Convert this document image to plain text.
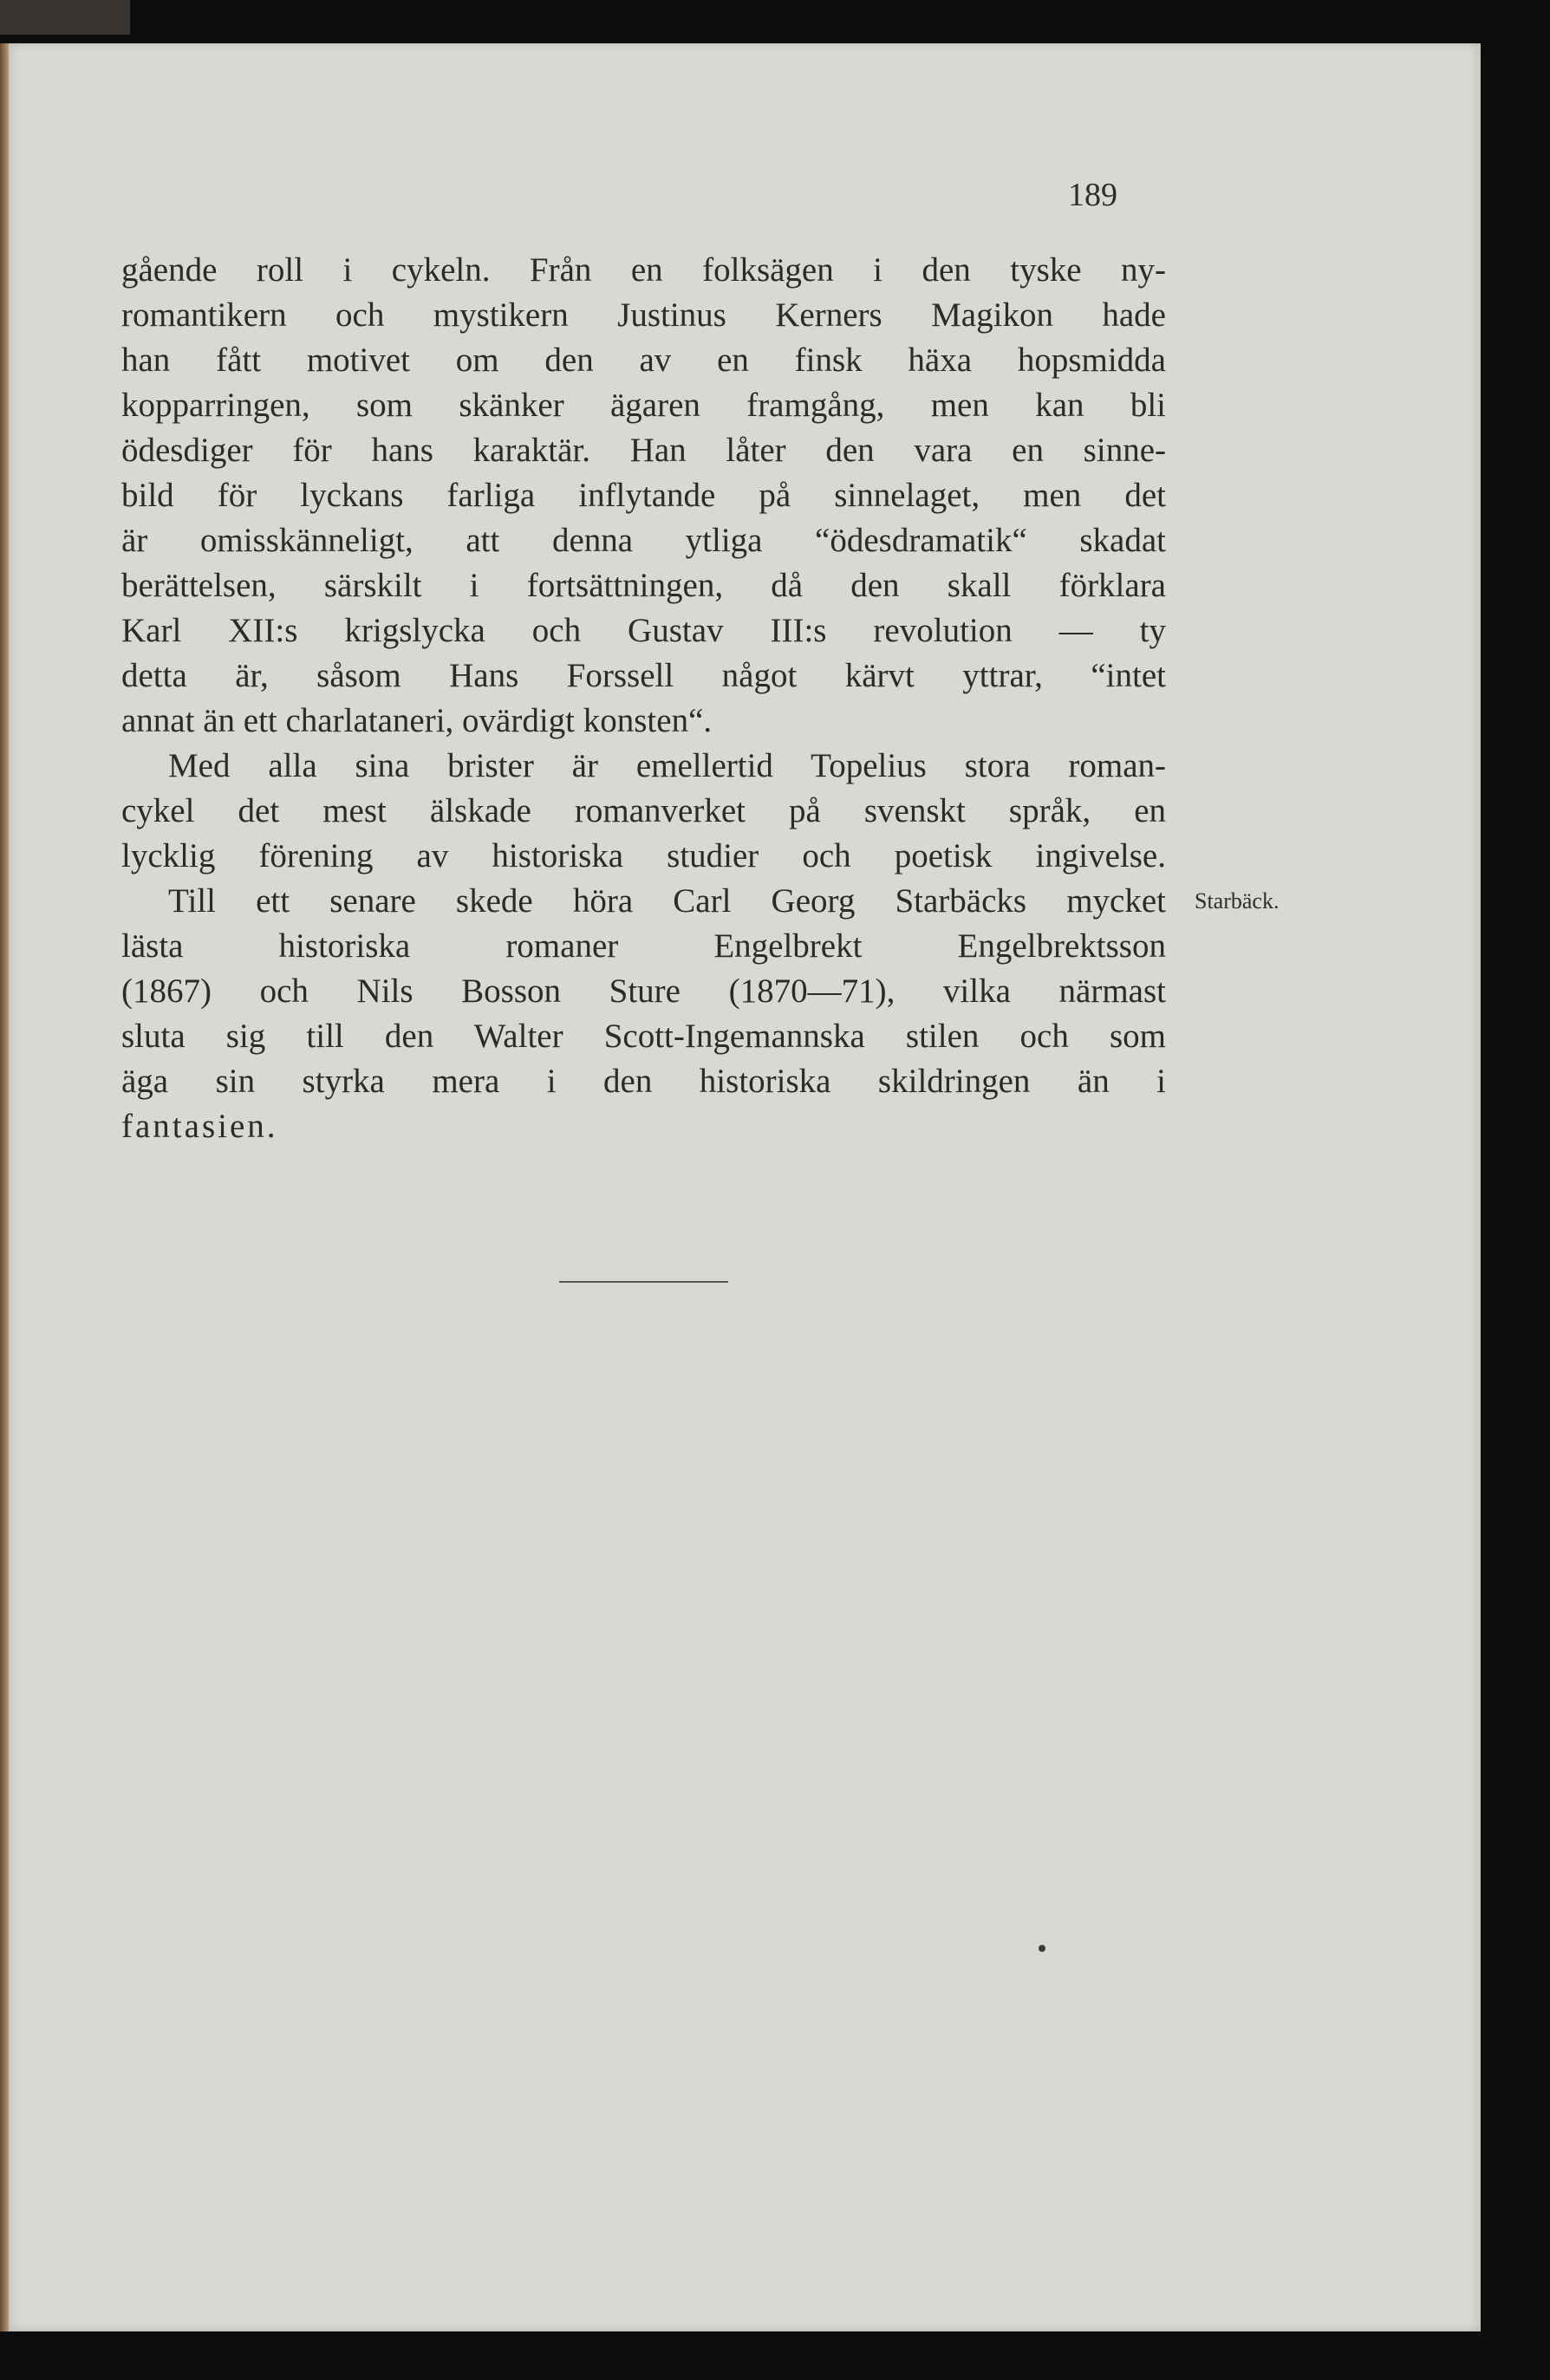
189
gående roll i cykeln. Från en folksägen i den tyske ny-
romantikern och mystikern Justinus Kerners Magikon hade
han fått motivet om den av en finsk häxa hopsmidda
kopparringen, som skänker ägaren framgång, men kan bli
ödesdiger för hans karaktär. Han låter den vara en sinne-
bild för lyckans farliga inflytande på sinnelaget, men det
är omisskänneligt, att denna ytliga “ödesdramatik“ skadat
berättelsen, särskilt i fortsättningen, då den skall förklara
Karl XII:s krigslycka och Gustav III:s revolution — ty
detta är, såsom Hans Forssell något kärvt yttrar, “intet
annat än ett charlataneri, ovärdigt konsten“.
Med alla sina brister är emellertid Topelius stora roman-
cykel det mest älskade romanverket på svenskt språk, en
lycklig förening av historiska studier och poetisk ingivelse.
Till ett senare skede höra Carl Georg Starbäcks mycket
lästa historiska romaner Engelbrekt Engelbrektsson
(1867) och Nils Bosson Sture (1870—71), vilka närmast
sluta sig till den Walter Scott-Ingemannska stilen och som
äga sin styrka mera i den historiska skildringen än i
fantasien.
Starbäck.
